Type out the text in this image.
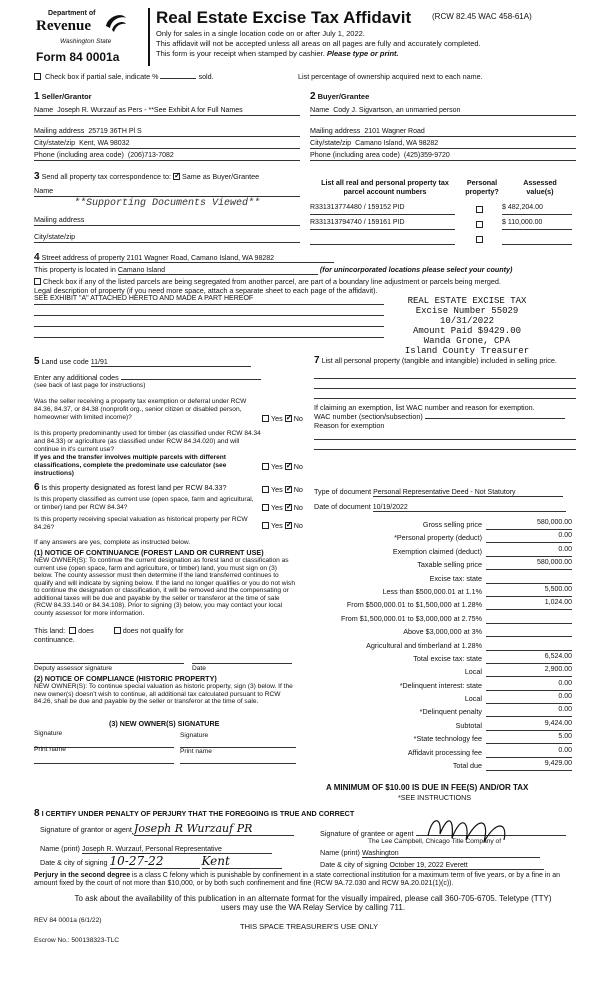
Department of
Revenue
Washington State
Form 84 0001a
Real Estate Excise Tax Affidavit	(RCW 82.45 WAC 458-61A)
Only for sales in a single location code on or after July 1, 2022.
This affidavit will not be accepted unless all areas on all pages are fully and accurately completed.
This form is your receipt when stamped by cashier. Please type or print.
Check box if partial sale, indicate %	sold.	List percentage of ownership acquired next to each name.
1 Seller/Grantor
Name Joseph R. Wurzauf as Pers - **See Exhibit A for Full Names
Mailing address 25719 36TH Pl S
City/state/zip Kent, WA 98032
Phone (including area code) (206)713-7082
2 Buyer/Grantee
Name Cody J. Sigvartson, an unmarried person
Mailing address 2101 Wagner Road
City/state/zip Camano Island, WA 98282
Phone (including area code) (425)359-9720
3 Send all property tax correspondence to: ✓ Same as Buyer/Grantee
Name
**Supporting Documents Viewed**
Mailing address
City/state/zip
List all real and personal property tax parcel account numbers
Personal property?
Assessed value(s)
R331313774480 / 159152 PID	$ 482,204.00
R331313794740 / 159161 PID	$ 110,000.00
4 Street address of property 2101 Wagner Road, Camano Island, WA 98282
This property is located in Camano Island	(for unincorporated locations please select your county)
Check box if any of the listed parcels are being segregated from another parcel, are part of a boundary line adjustment or parcels being merged.
Legal description of property (if you need more space, attach a separate sheet to each page of the affidavit).
SEE EXHIBIT "A" ATTACHED HERETO AND MADE A PART HEREOF	REAL ESTATE EXCISE TAX
Excise Number 55029
10/31/2022
Amount Paid $9429.00
Wanda Grone, CPA
Island County Treasurer
5 Land use code 11/91
Enter any additional codes
(see back of last page for instructions)
Was the seller receiving a property tax exemption or deferral under RCW 84.36, 84.37, or 84.38 (nonprofit org., senior citizen or disabled person, homeowner with limited income)?	Yes ✓ No
Is this property predominantly used for timber (as classified under RCW 84.34 and 84.33) or agriculture (as classified under RCW 84.34.020) and will continue in it's current use?
If yes and the transfer involves multiple parcels with different classifications, complete the predominate use calculator (see instructions)
Yes ✓ No
7 List all personal property (tangible and intangible) included in selling price.
If claiming an exemption, list WAC number and reason for exemption.
WAC number (section/subsection)
Reason for exemption
6 Is this property designated as forest land per RCW 84.33?	Yes ✓ No
Is this property classified as current use (open space, farm and agricultural, or timber) land per RCW 84.34?	Yes ✓ No
Is this property receiving special valuation as historical property per RCW 84.26?	Yes ✓ No
If any answers are yes, complete as instructed below.
(1) NOTICE OF CONTINUANCE (FOREST LAND OR CURRENT USE)
NEW OWNER(S): To continue the current designation as forest land or classification as current use (open space, farm and agriculture, or timber) land, you must sign on (3) below. The county assessor must then determine if the land transferred continues to qualify and will indicate by signing below. If the land no longer qualifies or you do not wish to continue the designation or classification, it will be removed and the compensating or additional taxes will be due and payable by the seller or transferor at the time of sale (RCW 84.33.140 or 84.34.108). Prior to signing (3) below, you may contact your local county assessor for more information.
This land: does	does not qualify for
continuance.
Deputy assessor signature	Date
(2) NOTICE OF COMPLIANCE (HISTORIC PROPERTY)
NEW OWNER(S): To continue special valuation as historic property, sign (3) below. If the new owner(s) doesn't wish to continue, all additional tax calculated pursuant to RCW 84.26, shall be due and payable by the seller or transferor at the time of sale.
(3) NEW OWNER(S) SIGNATURE
Signature	Signature
Print name	Print name
Type of document Personal Representative Deed - Not Statutory
Date of document 10/19/2022
Gross selling price	580,000.00
*Personal property (deduct)	0.00
Exemption claimed (deduct)	0.00
Taxable selling price	580,000.00
Excise tax: state
Less than $500,000.01 at 1.1%	5,500.00
From $500,000.01 to $1,500,000 at 1.28%	1,024.00
From $1,500,000.01 to $3,000,000 at 2.75%
Above $3,000,000 at 3%
Agricultural and timberland at 1.28%
Total excise tax: state	6,524.00
Local	2,900.00
*Delinquent interest: state	0.00
Local	0.00
*Delinquent penalty	0.00
Subtotal	9,424.00
*State technology fee	5.00
Affidavit processing fee	0.00
Total due	9,429.00
A MINIMUM OF $10.00 IS DUE IN FEE(S) AND/OR TAX
*SEE INSTRUCTIONS
8 I CERTIFY UNDER PENALTY OF PERJURY THAT THE FOREGOING IS TRUE AND CORRECT
Signature of grantor or agent Joseph R Wurzauf PR
Name (print) Joseph R. Wurzauf, Personal Representative
Date & city of signing 10-27-22	Kent
Signature of grantee or agent
The Lee Campbell, Chicago Title Company of
Name (print) Washington
Date & city of signing October 19, 2022 Everett
Perjury in the second degree is a class C felony which is punishable by confinement in a state correctional institution for a maximum term of five years, or by a fine in an amount fixed by the court of not more than $10,000, or by both such confinement and fine (RCW 9A.72.030 and RCW 9A.20.021(1)(c)).
To ask about the availability of this publication in an alternate format for the visually impaired, please call 360-705-6705. Teletype (TTY) users may use the WA Relay Service by calling 711.
REV 84 0001a (6/1/22)
THIS SPACE TREASURER'S USE ONLY
Escrow No.: 500138323-TLC
